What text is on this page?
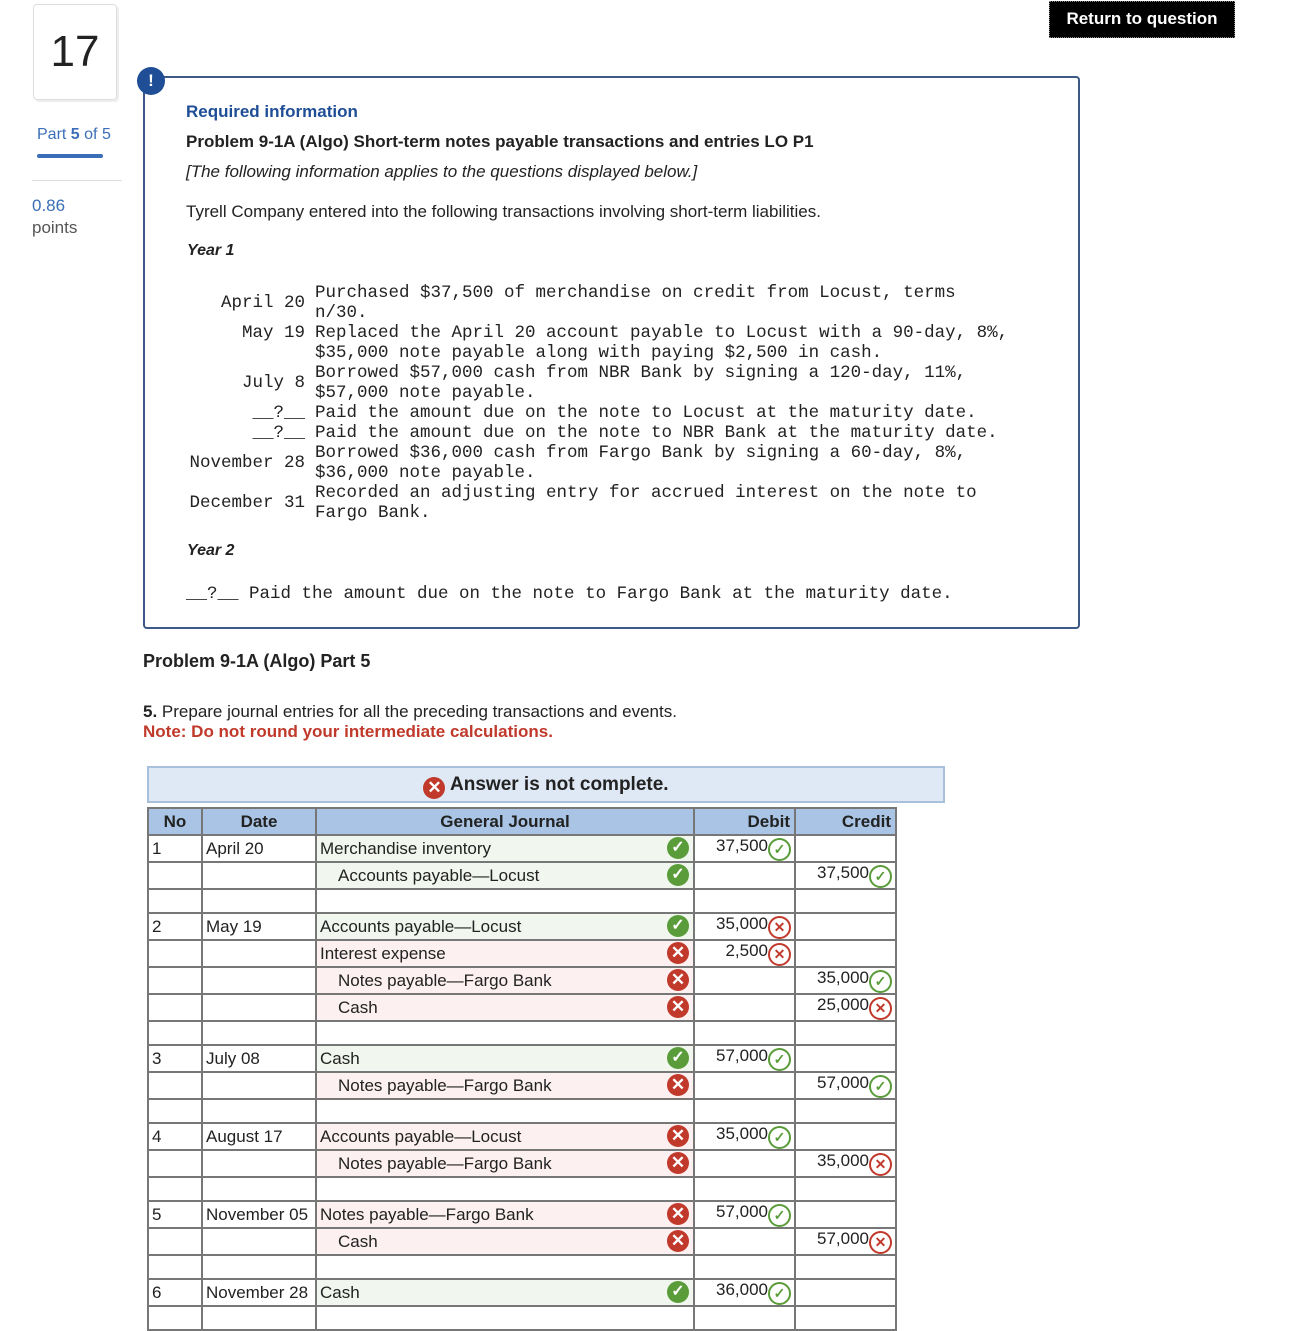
17
Part 5 of 5
0.86
points
Return to question
!
Required information
Problem 9-1A (Algo) Short-term notes payable transactions and entries LO P1
[The following information applies to the questions displayed below.]
Tyrell Company entered into the following transactions involving short-term liabilities.
Year 1
April 20 Purchased $37,500 of merchandise on credit from Locust, terms
n/30.
May 19 Replaced the April 20 account payable to Locust with a 90-day, 8%,
$35,000 note payable along with paying $2,500 in cash.
July 8 Borrowed $57,000 cash from NBR Bank by signing a 120-day, 11%,
$57,000 note payable.
__?__ Paid the amount due on the note to Locust at the maturity date.
__?__ Paid the amount due on the note to NBR Bank at the maturity date.
November 28 Borrowed $36,000 cash from Fargo Bank by signing a 60-day, 8%,
$36,000 note payable.
December 31 Recorded an adjusting entry for accrued interest on the note to
Fargo Bank.
Year 2
__?__ Paid the amount due on the note to Fargo Bank at the maturity date.
Problem 9-1A (Algo) Part 5
5. Prepare journal entries for all the preceding transactions and events.
Note: Do not round your intermediate calculations.
✕ Answer is not complete.
No	Date	General Journal	Debit	Credit
1	April 20	Merchandise inventory ✓	37,500 ✓	
		Accounts payable—Locust ✓		37,500 ✓

2	May 19	Accounts payable—Locust ✓	35,000 ✕	
		Interest expense ✕	2,500 ✕	
		Notes payable—Fargo Bank ✕		35,000 ✓
		Cash ✕		25,000 ✕

3	July 08	Cash ✓	57,000 ✓	
		Notes payable—Fargo Bank ✕		57,000 ✓

4	August 17	Accounts payable—Locust ✕	35,000 ✓	
		Notes payable—Fargo Bank ✕		35,000 ✕

5	November 05	Notes payable—Fargo Bank ✕	57,000 ✓	
		Cash ✕		57,000 ✕

6	November 28	Cash ✓	36,000 ✓	
